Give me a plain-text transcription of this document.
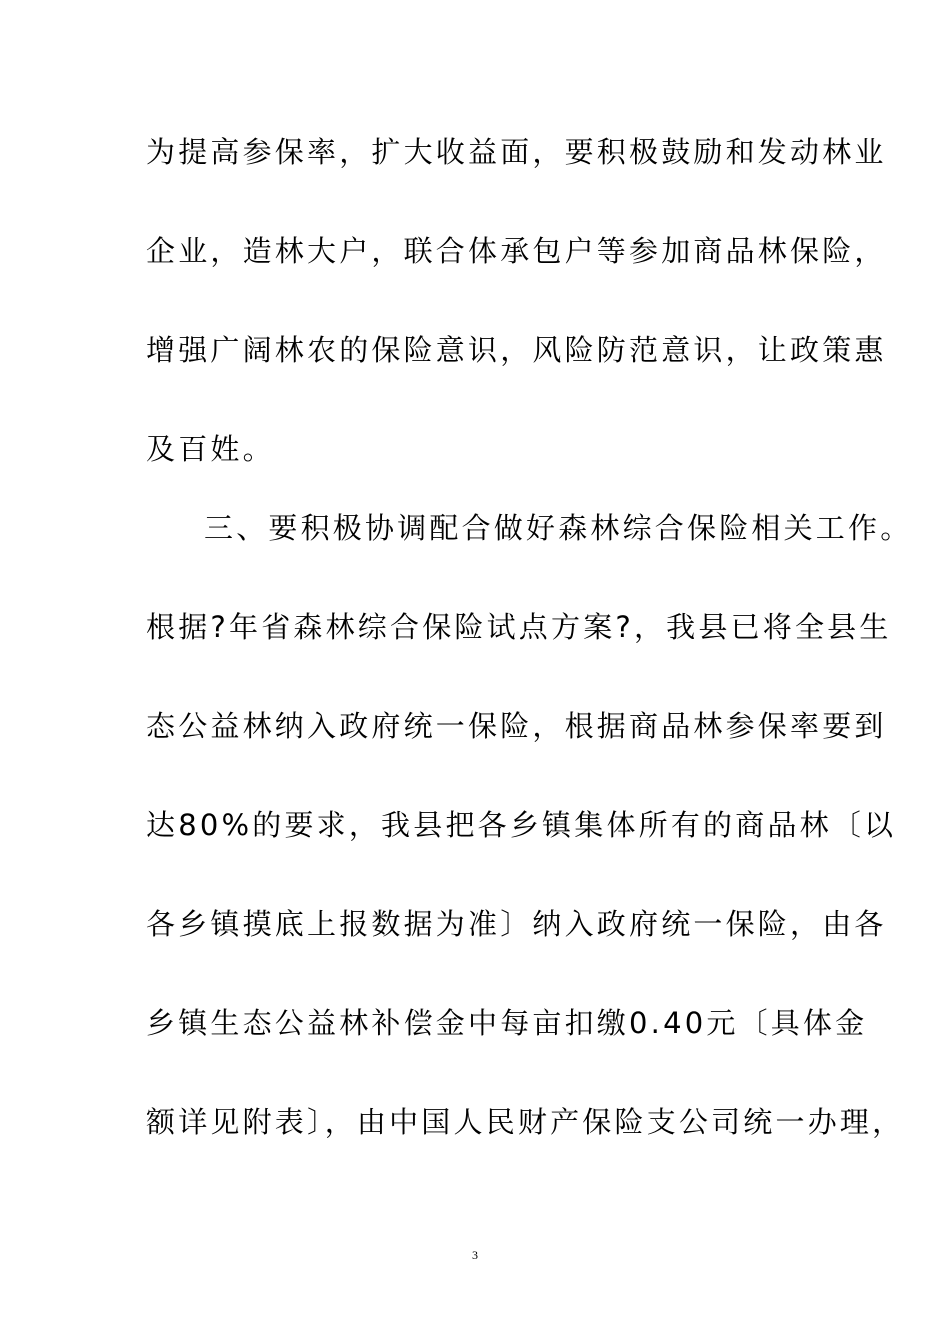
为提高参保率，扩大收益面，要积极鼓励和发动林业
企业，造林大户，联合体承包户等参加商品林保险，
增强广阔林农的保险意识，风险防范意识，让政策惠
及百姓。
三、要积极协调配合做好森林综合保险相关工作。
根据?年省森林综合保险试点方案?，我县已将全县生
态公益林纳入政府统一保险，根据商品林参保率要到
达80%的要求，我县把各乡镇集体所有的商品林〔以
各乡镇摸底上报数据为准〕纳入政府统一保险，由各
乡镇生态公益林补偿金中每亩扣缴0.40元〔具体金
额详见附表〕，由中国人民财产保险支公司统一办理，
3
